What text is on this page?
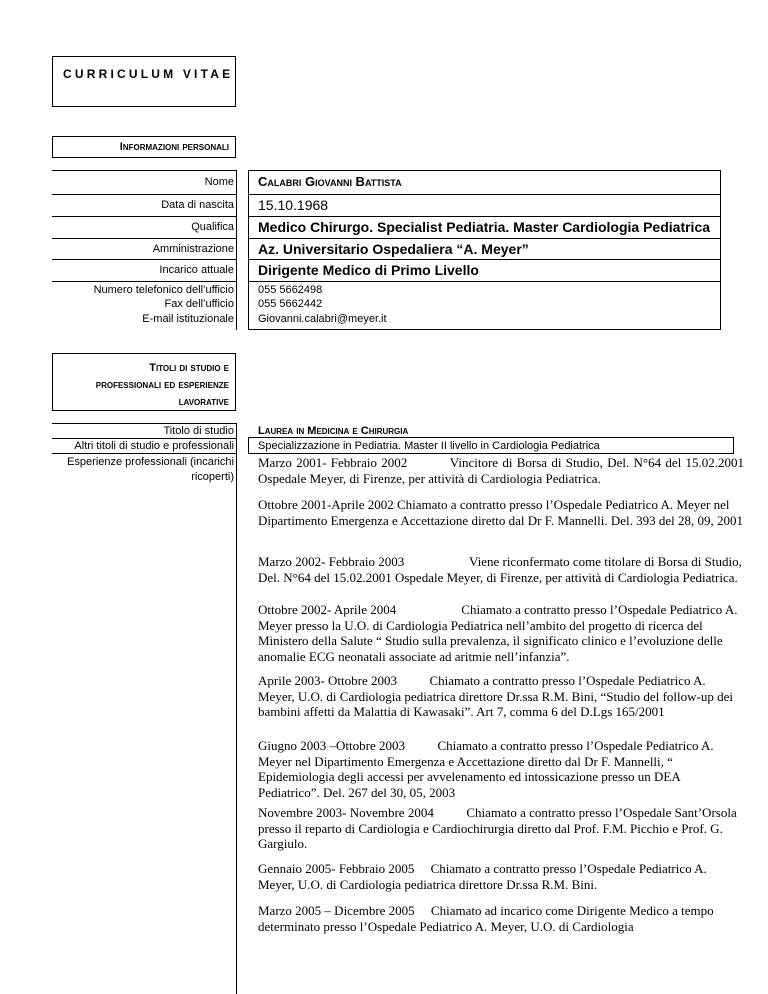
CURRICULUM VITAE
Informazioni personali
Nome
Data di nascita
Qualifica
Amministrazione
Incarico attuale
Numero telefonico dell’ufficio
Fax dell’ufficio
E-mail istituzionale
Calabri Giovanni Battista
15.10.1968
Medico Chirurgo. Specialist Pediatria. Master Cardiologia Pediatrica
Az. Universitario Ospedaliera “A. Meyer”
Dirigente Medico di Primo Livello
055 5662498
055 5662442
Giovanni.calabri@meyer.it
Titoli di studio e
professionali ed esperienze
lavorative
Titolo di studio
Altri titoli di studio e professionali
Esperienze professionali (incarichi ricoperti)
Laurea in Medicina e Chirurgia
Specializzazione in Pediatria. Master II livello in Cardiologia Pediatrica
Marzo 2001- Febbraio 2002          Vincitore di Borsa di Studio, Del. N°64 del 15.02.2001 Ospedale Meyer, di Firenze, per attività di Cardiologia Pediatrica.
Ottobre 2001-Aprile 2002 Chiamato a contratto presso l’Ospedale Pediatrico A. Meyer nel Dipartimento Emergenza e Accettazione diretto dal Dr F. Mannelli. Del. 393 del 28, 09, 2001
Marzo 2002- Febbraio 2003                    Viene riconfermato come titolare di Borsa di Studio, Del. N°64 del 15.02.2001 Ospedale Meyer, di Firenze, per attività di Cardiologia Pediatrica.
Ottobre 2002- Aprile 2004                    Chiamato a contratto presso l’Ospedale Pediatrico A. Meyer presso la U.O. di Cardiologia Pediatrica nell’ambito del progetto di ricerca del Ministero della Salute “ Studio sulla prevalenza, il significato clinico e l’evoluzione delle anomalie ECG neonatali associate ad aritmie nell’infanzia”.
Aprile 2003- Ottobre 2003          Chiamato a contratto presso l’Ospedale Pediatrico A. Meyer, U.O. di Cardiologia pediatrica direttore Dr.ssa R.M. Bini, “Studio del follow-up dei bambini affetti da Malattia di Kawasaki”. Art 7, comma 6 del D.Lgs 165/2001
Giugno 2003 –Ottobre 2003          Chiamato a contratto presso l’Ospedale Pediatrico A. Meyer nel Dipartimento Emergenza e Accettazione diretto dal Dr F. Mannelli, “ Epidemiologia degli accessi per avvelenamento ed intossicazione presso un DEA Pediatrico”. Del. 267 del 30, 05, 2003
Novembre 2003- Novembre 2004          Chiamato a contratto presso l’Ospedale Sant’Orsola presso il reparto di Cardiologia e Cardiochirurgia diretto dal Prof. F.M. Picchio e Prof. G. Gargiulo.
Gennaio 2005- Febbraio 2005     Chiamato a contratto presso l’Ospedale Pediatrico A. Meyer, U.O. di Cardiologia pediatrica direttore Dr.ssa R.M. Bini.
Marzo 2005 – Dicembre 2005     Chiamato ad incarico come Dirigente Medico a tempo determinato presso l’Ospedale Pediatrico A. Meyer, U.O. di Cardiologia
